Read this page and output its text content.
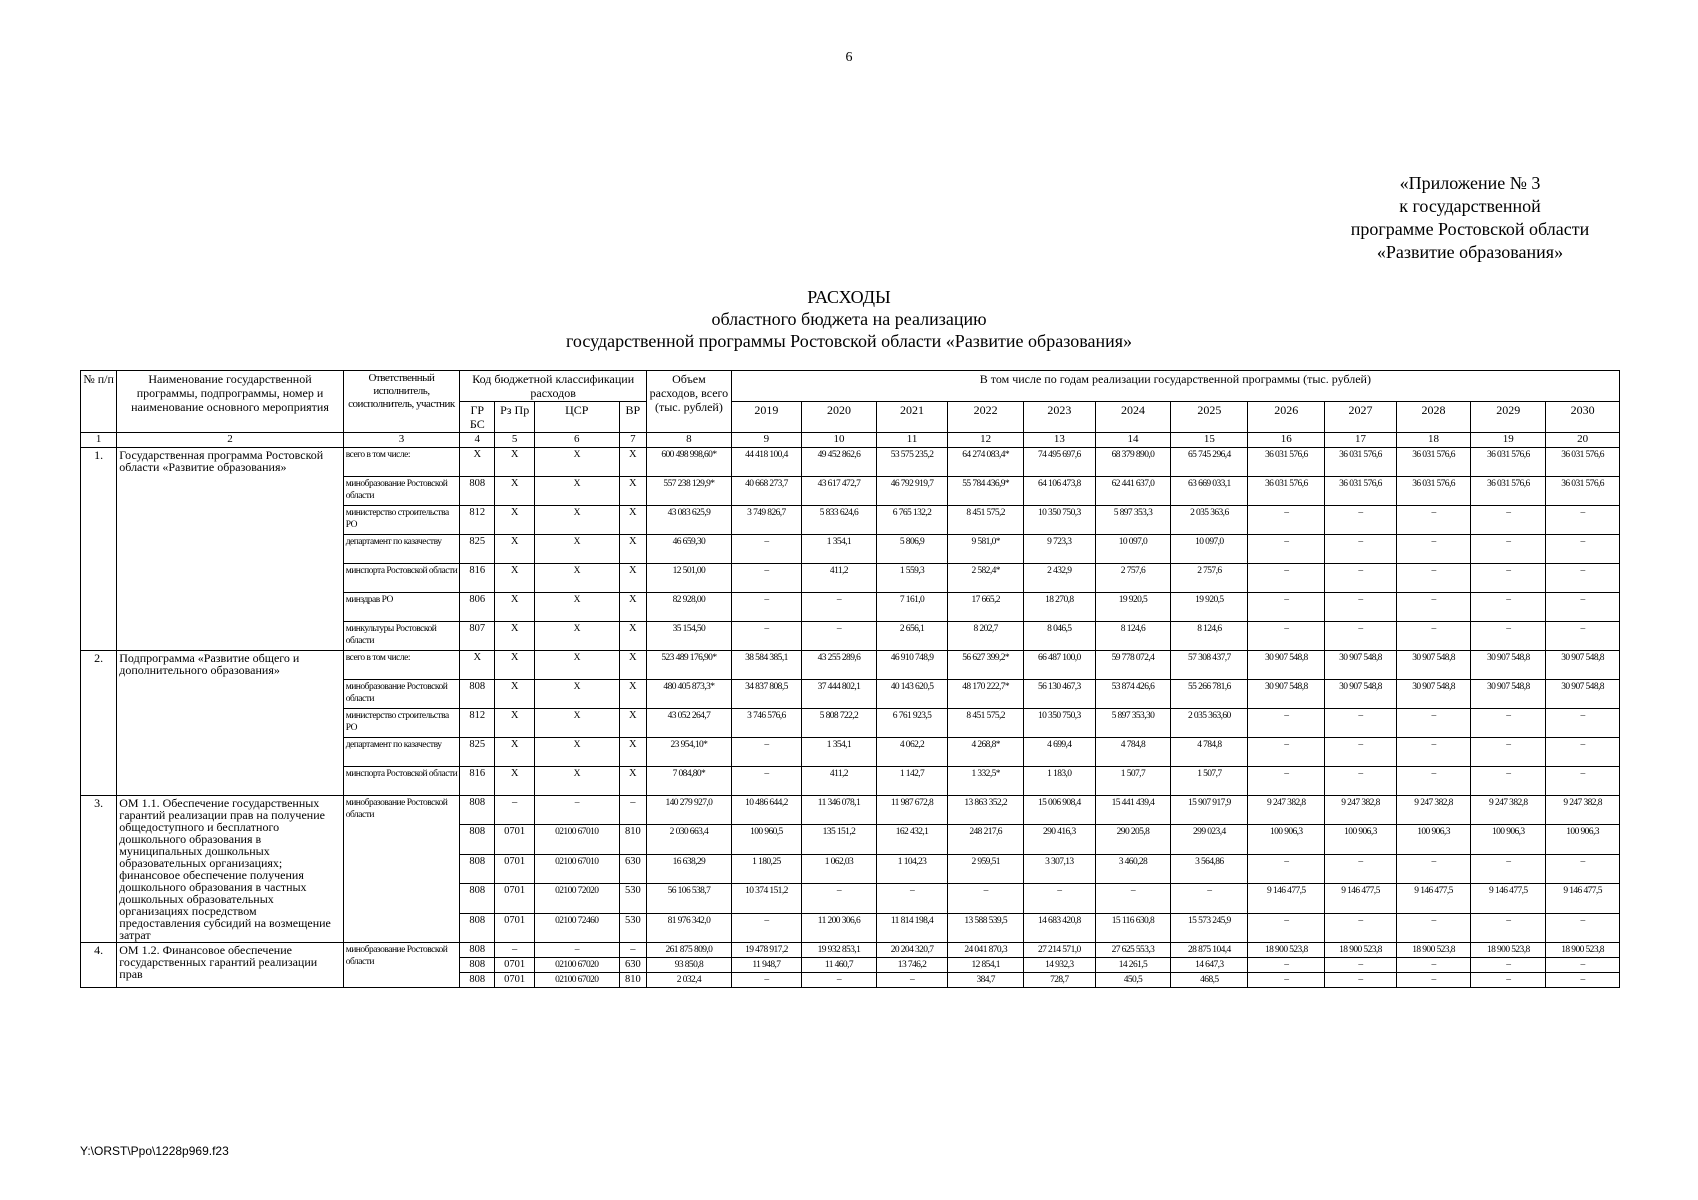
6
«Приложение № 3
к государственной
программе Ростовской области
«Развитие образования»
РАСХОДЫ
областного бюджета на реализацию
государственной программы Ростовской области «Развитие образования»
№ п/п	Наименование государственной программы, подпрограммы, номер и наименование основного мероприятия	Ответственный исполнитель, соисполнитель, участник	Код бюджетной классификации расходов				Объем расходов, всего (тыс. рублей)	В том числе по годам реализации государственной программы (тыс. рублей)											
			ГР БС	Рз Пр	ЦСР	ВР		2019	2020	2021	2022	2023	2024	2025	2026	2027	2028	2029	2030
1	2	3	4	5	6	7	8	9	10	11	12	13	14	15	16	17	18	19	20
1.	Государственная программа Ростовской области «Развитие образования»	всего в том числе:	X	X	X	X	600 498 998,60*	44 418 100,4	49 452 862,6	53 575 235,2	64 274 083,4*	74 495 697,6	68 379 890,0	65 745 296,4	36 031 576,6	36 031 576,6	36 031 576,6	36 031 576,6	36 031 576,6
		минобразование Ростовской области	808	X	X	X	557 238 129,9*	40 668 273,7	43 617 472,7	46 792 919,7	55 784 436,9*	64 106 473,8	62 441 637,0	63 669 033,1	36 031 576,6	36 031 576,6	36 031 576,6	36 031 576,6	36 031 576,6
		министерство строительства РО	812	X	X	X	43 083 625,9	3 749 826,7	5 833 624,6	6 765 132,2	8 451 575,2	10 350 750,3	5 897 353,3	2 035 363,6	–	–	–	–	–
		департамент по казачеству	825	X	X	X	46 659,30	–	1 354,1	5 806,9	9 581,0*	9 723,3	10 097,0	10 097,0	–	–	–	–	–
		минспорта Ростовской области	816	X	X	X	12 501,00	–	411,2	1 559,3	2 582,4*	2 432,9	2 757,6	2 757,6	–	–	–	–	–
		минздрав РО	806	X	X	X	82 928,00	–	–	7 161,0	17 665,2	18 270,8	19 920,5	19 920,5	–	–	–	–	–
		минкультуры Ростовской области	807	X	X	X	35 154,50	–	–	2 656,1	8 202,7	8 046,5	8 124,6	8 124,6	–	–	–	–	–
2.	Подпрограмма «Развитие общего и дополнительного образования»	всего в том числе:	X	X	X	X	523 489 176,90*	38 584 385,1	43 255 289,6	46 910 748,9	56 627 399,2*	66 487 100,0	59 778 072,4	57 308 437,7	30 907 548,8	30 907 548,8	30 907 548,8	30 907 548,8	30 907 548,8
		минобразование Ростовской области	808	X	X	X	480 405 873,3*	34 837 808,5	37 444 802,1	40 143 620,5	48 170 222,7*	56 130 467,3	53 874 426,6	55 266 781,6	30 907 548,8	30 907 548,8	30 907 548,8	30 907 548,8	30 907 548,8
		министерство строительства РО	812	X	X	X	43 052 264,7	3 746 576,6	5 808 722,2	6 761 923,5	8 451 575,2	10 350 750,3	5 897 353,30	2 035 363,60	–	–	–	–	–
		департамент по казачеству	825	X	X	X	23 954,10*	–	1 354,1	4 062,2	4 268,8*	4 699,4	4 784,8	4 784,8	–	–	–	–	–
		минспорта Ростовской области	816	X	X	X	7 084,80*	–	411,2	1 142,7	1 332,5*	1 183,0	1 507,7	1 507,7	–	–	–	–	–
3.	ОМ 1.1. Обеспечение государственных гарантий реализации прав на получение общедоступного и бесплатного дошкольного образования в муниципальных дошкольных образовательных организациях; финансовое обеспечение получения дошкольного образования в частных дошкольных образовательных организациях посредством предоставления субсидий на возмещение затрат	минобразование Ростовской области	808	–	–	–	140 279 927,0	10 486 644,2	11 346 078,1	11 987 672,8	13 863 352,2	15 006 908,4	15 441 439,4	15 907 917,9	9 247 382,8	9 247 382,8	9 247 382,8	9 247 382,8	9 247 382,8
			808	0701	02100 67010	810	2 030 663,4	100 960,5	135 151,2	162 432,1	248 217,6	290 416,3	290 205,8	299 023,4	100 906,3	100 906,3	100 906,3	100 906,3	100 906,3
			808	0701	02100 67010	630	16 638,29	1 180,25	1 062,03	1 104,23	2 959,51	3 307,13	3 460,28	3 564,86	–	–	–	–	–
			808	0701	02100 72020	530	56 106 538,7	10 374 151,2	–	–	–	–	–	–	9 146 477,5	9 146 477,5	9 146 477,5	9 146 477,5	9 146 477,5
			808	0701	02100 72460	530	81 976 342,0	–	11 200 306,6	11 814 198,4	13 588 539,5	14 683 420,8	15 116 630,8	15 573 245,9	–	–	–	–	–
4.	ОМ 1.2. Финансовое обеспечение государственных гарантий реализации прав	минобразование Ростовской области	808	–	–	–	261 875 809,0	19 478 917,2	19 932 853,1	20 204 320,7	24 041 870,3	27 214 571,0	27 625 553,3	28 875 104,4	18 900 523,8	18 900 523,8	18 900 523,8	18 900 523,8	18 900 523,8
			808	0701	02100 67020	630	93 850,8	11 948,7	11 460,7	13 746,2	12 854,1	14 932,3	14 261,5	14 647,3	–	–	–	–	–
			808	0701	02100 67020	810	2 032,4	–	–	–	384,7	728,7	450,5	468,5	–	–	–	–	–
Y:\ORST\Ppo\1228p969.f23
